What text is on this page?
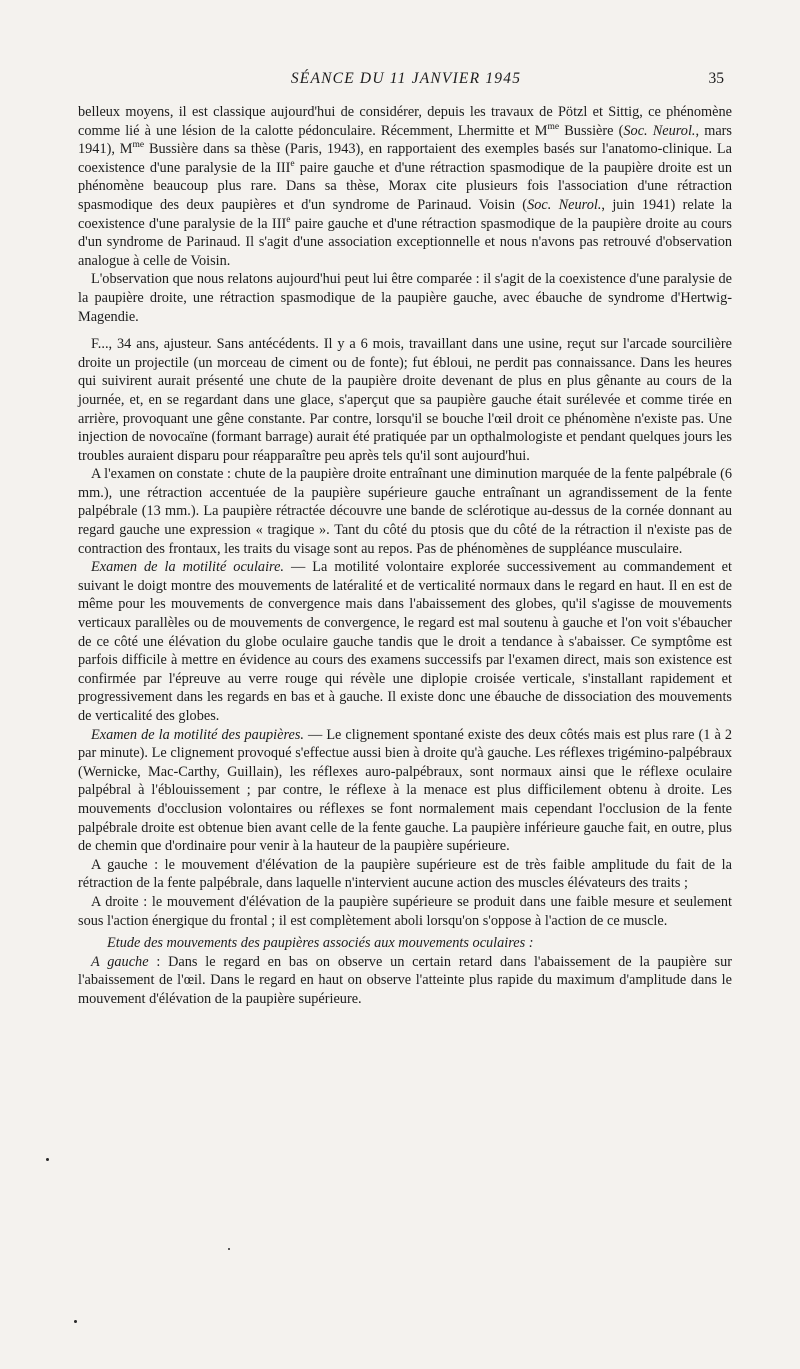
SÉANCE DU 11 JANVIER 1945	35

belleux moyens, il est classique aujourd'hui de considérer, depuis les travaux de Pötzl et Sittig, ce phénomène comme lié à une lésion de la calotte pédonculaire. Récemment, Lhermitte et $M^{me}$ Bussière (Soc. Neurol., mars 1941), $M^{me}$ Bussière dans sa thèse (Paris, 1943), en rapportaient des exemples basés sur l'anatomo-clinique. La coexistence d'une paralysie de la IIIe paire gauche et d'une rétraction spasmodique de la paupière droite est un phénomène beaucoup plus rare. Dans sa thèse, Morax cite plusieurs fois l'association d'une rétraction spasmodique des deux paupières et d'un syndrome de Parinaud. Voisin (Soc. Neurol., juin 1941) relate la coexistence d'une paralysie de la IIIe paire gauche et d'une rétraction spasmodique de la paupière droite au cours d'un syndrome de Parinaud. Il s'agit d'une association exceptionnelle et nous n'avons pas retrouvé d'observation analogue à celle de Voisin.

L'observation que nous relatons aujourd'hui peut lui être comparée : il s'agit de la coexistence d'une paralysie de la paupière droite, une rétraction spasmodique de la paupière gauche, avec ébauche de syndrome d'Hertwig-Magendie.

F..., 34 ans, ajusteur. Sans antécédents. Il y a 6 mois, travaillant dans une usine, reçut sur l'arcade sourcilière droite un projectile (un morceau de ciment ou de fonte); fut ébloui, ne perdit pas connaissance. Dans les heures qui suivirent aurait présenté une chute de la paupière droite devenant de plus en plus gênante au cours de la journée, et, en se regardant dans une glace, s'aperçut que sa paupière gauche était surélevée et comme tirée en arrière, provoquant une gêne constante. Par contre, lorsqu'il se bouche l'œil droit ce phénomène n'existe pas. Une injection de novocaïne (formant barrage) aurait été pratiquée par un opthalmologiste et pendant quelques jours les troubles auraient disparu pour réapparaître peu après tels qu'il sont aujourd'hui.

A l'examen on constate : chute de la paupière droite entraînant une diminution marquée de la fente palpébrale (6 mm.), une rétraction accentuée de la paupière supérieure gauche entraînant un agrandissement de la fente palpébrale (13 mm.). La paupière rétractée découvre une bande de sclérotique au-dessus de la cornée donnant au regard gauche une expression « tragique ». Tant du côté du ptosis que du côté de la rétraction il n'existe pas de contraction des frontaux, les traits du visage sont au repos. Pas de phénomènes de suppléance musculaire.

Examen de la motilité oculaire. — La motilité volontaire explorée successivement au commandement et suivant le doigt montre des mouvements de latéralité et de verticalité normaux dans le regard en haut. Il en est de même pour les mouvements de convergence mais dans l'abaissement des globes, qu'il s'agisse de mouvements verticaux parallèles ou de mouvements de convergence, le regard est mal soutenu à gauche et l'on voit s'ébaucher de ce côté une élévation du globe oculaire gauche tandis que le droit a tendance à s'abaisser. Ce symptôme est parfois difficile à mettre en évidence au cours des examens successifs par l'examen direct, mais son existence est confirmée par l'épreuve au verre rouge qui révèle une diplopie croisée verticale, s'installant rapidement et progressivement dans les regards en bas et à gauche. Il existe donc une ébauche de dissociation des mouvements de verticalité des globes.

Examen de la motilité des paupières. — Le clignement spontané existe des deux côtés mais est plus rare (1 à 2 par minute). Le clignement provoqué s'effectue aussi bien à droite qu'à gauche. Les réflexes trigémino-palpébraux (Wernicke, Mac-Carthy, Guillain), les réflexes auro-palpébraux, sont normaux ainsi que le réflexe oculaire palpébral à l'éblouissement ; par contre, le réflexe à la menace est plus difficilement obtenu à droite. Les mouvements d'occlusion volontaires ou réflexes se font normalement mais cependant l'occlusion de la fente palpébrale droite est obtenue bien avant celle de la fente gauche. La paupière inférieure gauche fait, en outre, plus de chemin que d'ordinaire pour venir à la hauteur de la paupière supérieure.

A gauche : le mouvement d'élévation de la paupière supérieure est de très faible amplitude du fait de la rétraction de la fente palpébrale, dans laquelle n'intervient aucune action des muscles élévateurs des traits ;

A droite : le mouvement d'élévation de la paupière supérieure se produit dans une faible mesure et seulement sous l'action énergique du frontal ; il est complètement aboli lorsqu'on s'oppose à l'action de ce muscle.

Etude des mouvements des paupières associés aux mouvements oculaires :

A gauche : Dans le regard en bas on observe un certain retard dans l'abaissement de la paupière sur l'abaissement de l'œil. Dans le regard en haut on observe l'atteinte plus rapide du maximum d'amplitude dans le mouvement d'élévation de la paupière supérieure.
